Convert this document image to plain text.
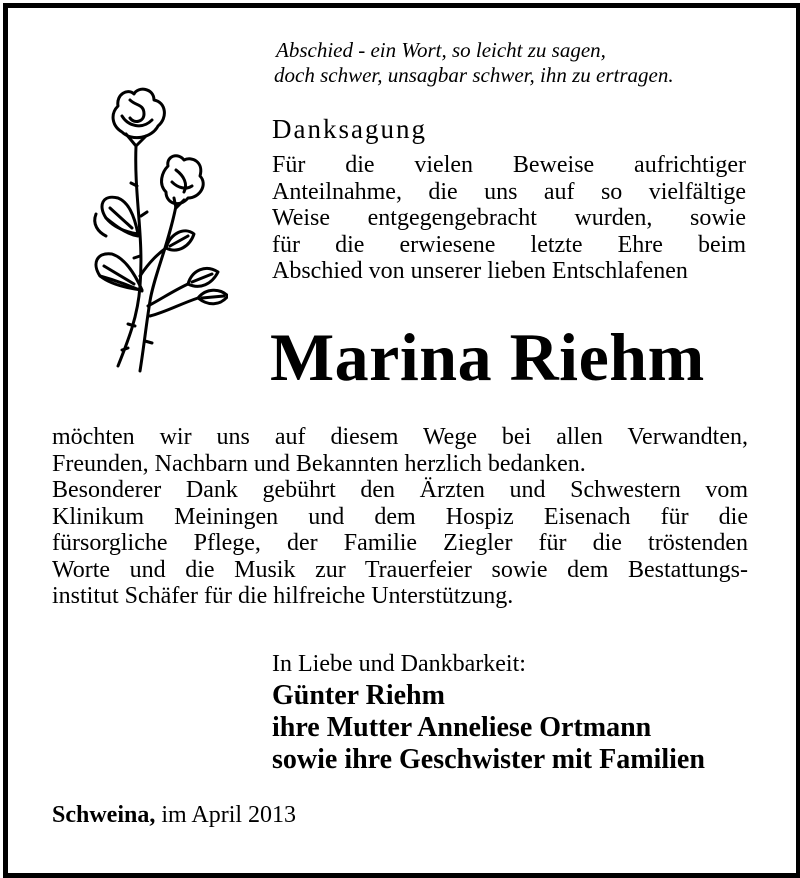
Abschied - ein Wort, so leicht zu sagen,
doch schwer, unsagbar schwer, ihn zu ertragen.
Danksagung
Für die vielen Beweise aufrichtiger
Anteilnahme, die uns auf so vielfältige
Weise entgegengebracht wurden, sowie
für die erwiesene letzte Ehre beim
Abschied von unserer lieben Entschlafenen
Marina Riehm
möchten wir uns auf diesem Wege bei allen Verwandten,
Freunden, Nachbarn und Bekannten herzlich bedanken.
Besonderer Dank gebührt den Ärzten und Schwestern vom
Klinikum Meiningen und dem Hospiz Eisenach für die
fürsorgliche Pflege, der Familie Ziegler für die tröstenden
Worte und die Musik zur Trauerfeier sowie dem Bestattungs-
institut Schäfer für die hilfreiche Unterstützung.
In Liebe und Dankbarkeit:
Günter Riehm
ihre Mutter Anneliese Ortmann
sowie ihre Geschwister mit Familien
Schweina, im April 2013
